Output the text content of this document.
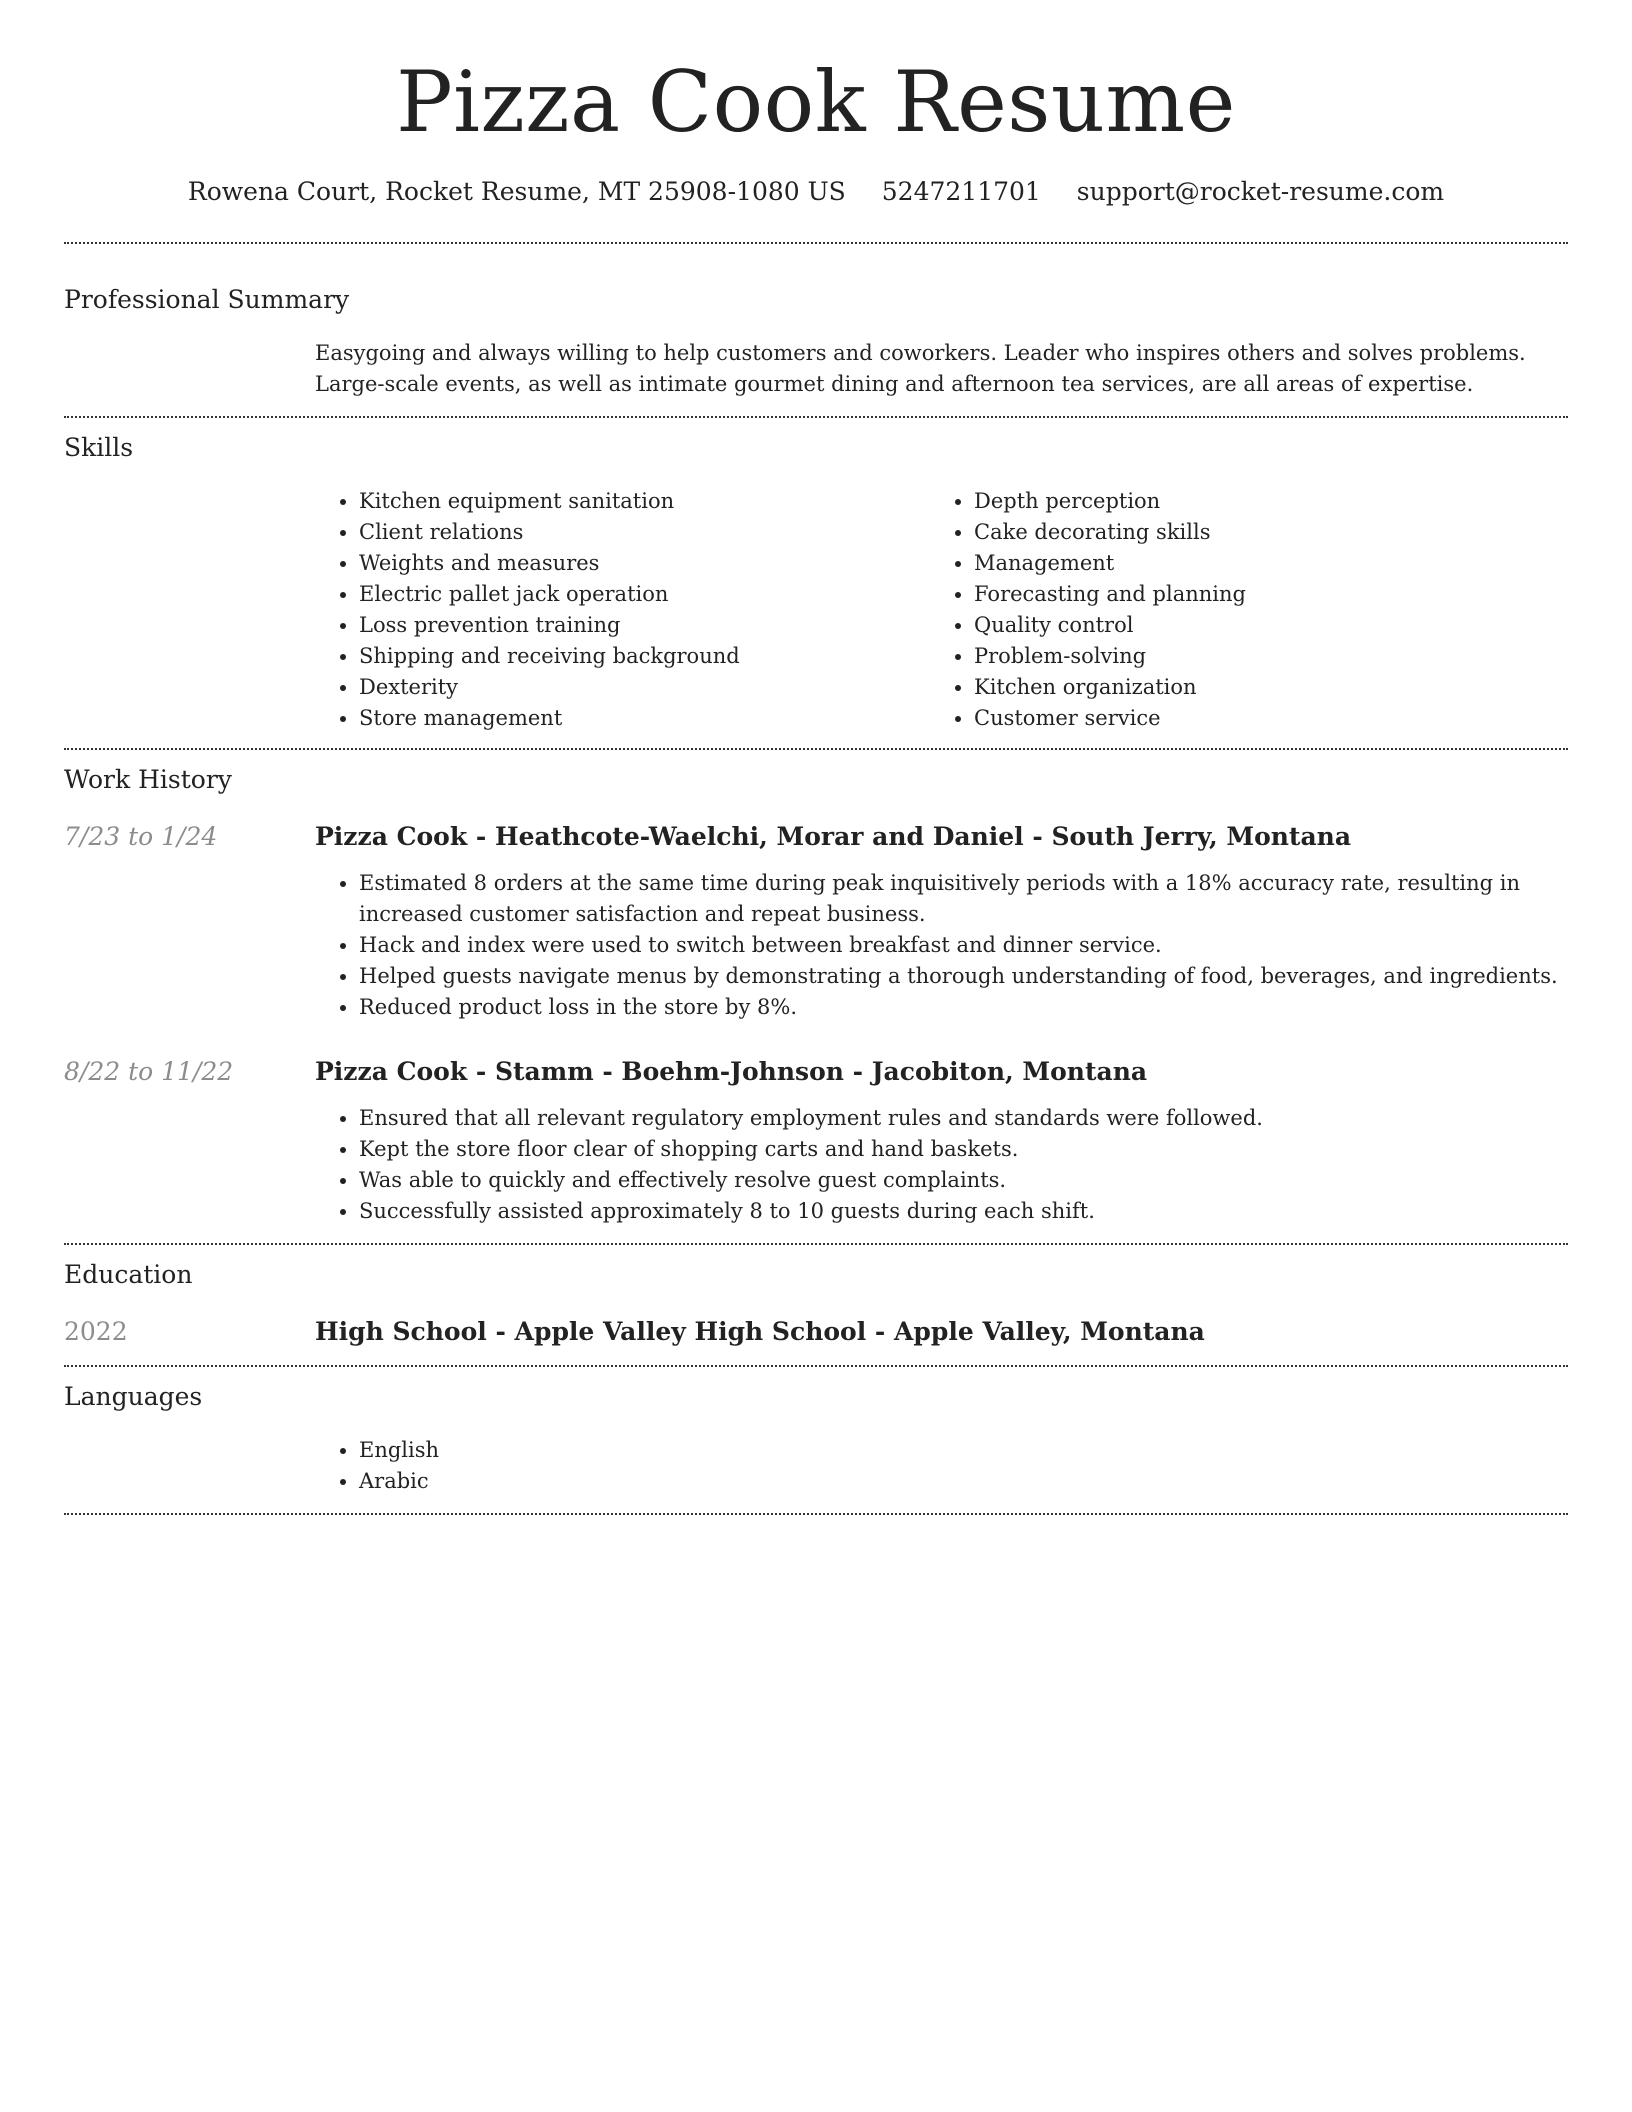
Pizza Cook Resume
Rowena Court, Rocket Resume, MT 25908-1080 US 5247211701 support@rocket-resume.com
Professional Summary

Easygoing and always willing to help customers and coworkers. Leader who inspires others and solves problems. Large-scale events, as well as intimate gourmet dining and afternoon tea services, are all areas of expertise.

Skills
• Kitchen equipment sanitation
• Client relations
• Weights and measures
• Electric pallet jack operation
• Loss prevention training
• Shipping and receiving background
• Dexterity
• Store management
• Depth perception
• Cake decorating skills
• Management
• Forecasting and planning
• Quality control
• Problem-solving
• Kitchen organization
• Customer service
Work History
7/23 to 1/24	Pizza Cook - Heathcote-Waelchi, Morar and Daniel - South Jerry, Montana
• Estimated 8 orders at the same time during peak inquisitively periods with a 18% accuracy rate, resulting in increased customer satisfaction and repeat business.
• Hack and index were used to switch between breakfast and dinner service.
• Helped guests navigate menus by demonstrating a thorough understanding of food, beverages, and ingredients.
• Reduced product loss in the store by 8%.
8/22 to 11/22	Pizza Cook - Stamm - Boehm-Johnson - Jacobiton, Montana
• Ensured that all relevant regulatory employment rules and standards were followed.
• Kept the store floor clear of shopping carts and hand baskets.
• Was able to quickly and effectively resolve guest complaints.
• Successfully assisted approximately 8 to 10 guests during each shift.
Education
2022	High School - Apple Valley High School - Apple Valley, Montana
Languages
• English
• Arabic
